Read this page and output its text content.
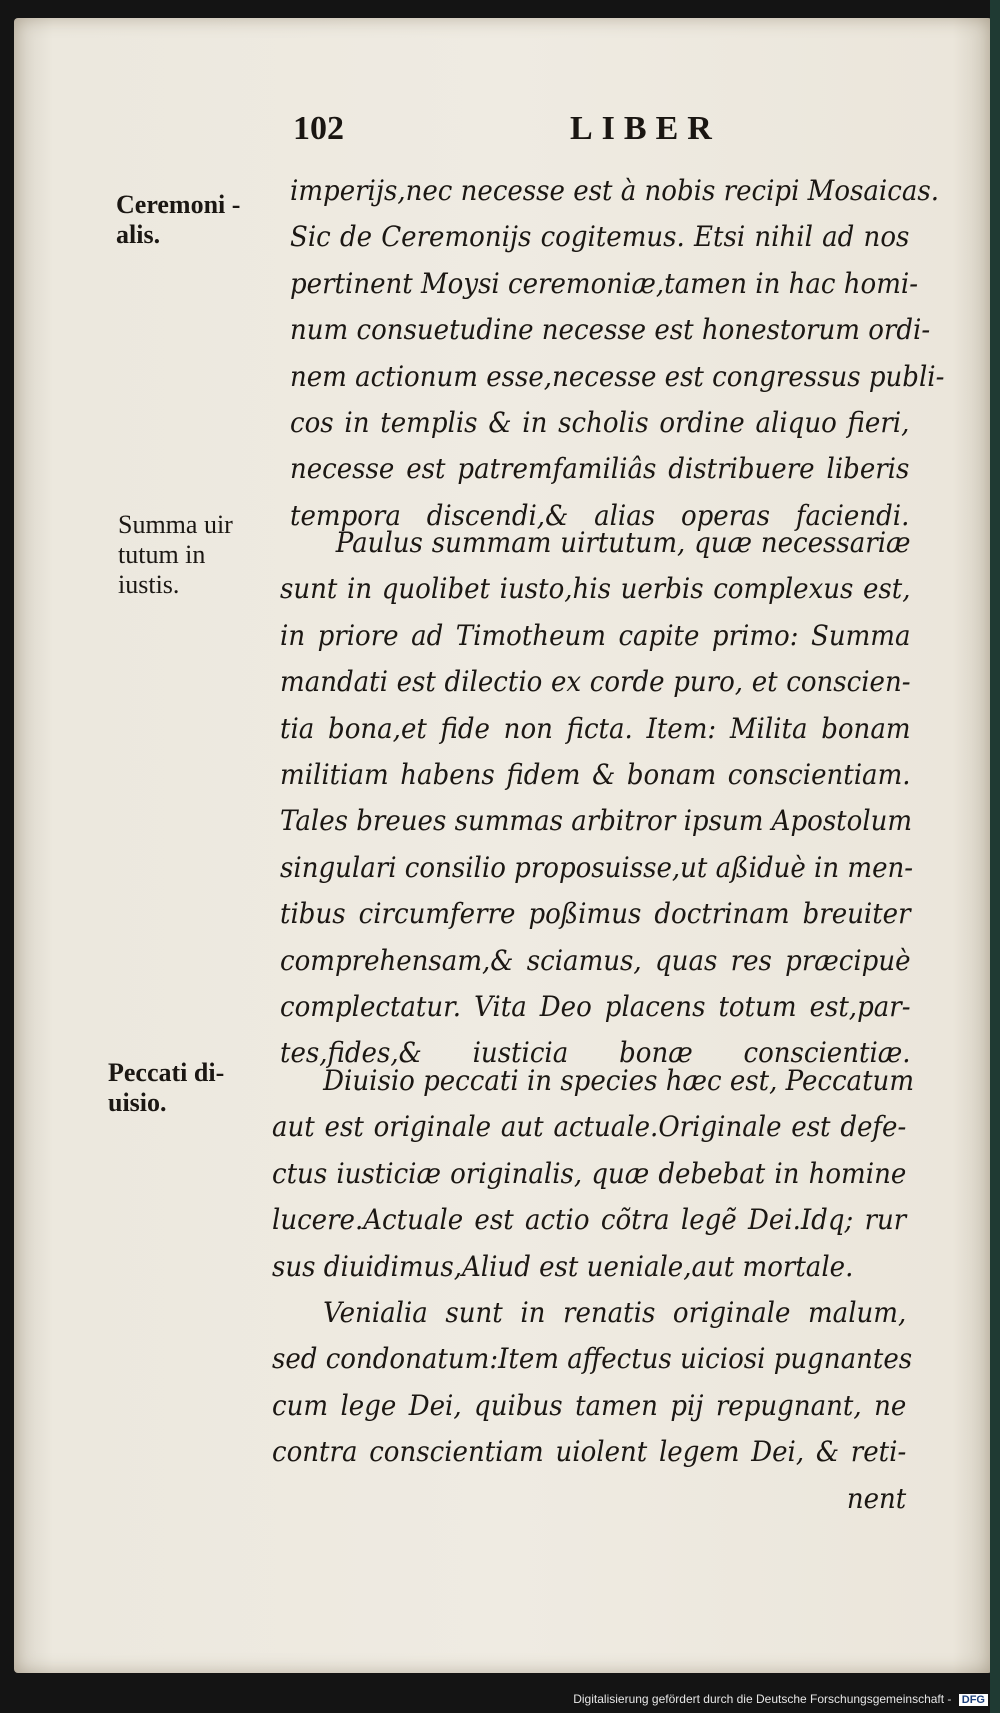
102	LIBER
Ceremoni -
alis.
Summa uir
tutum in
iustis.
Peccati di-
uisio.
imperijs,nec necesse est à nobis recipi Mosaicas.
Sic de Ceremonijs cogitemus. Etsi nihil ad nos
pertinent Moysi ceremoniæ,tamen in hac homi-
num consuetudine necesse est honestorum ordi-
nem actionum esse,necesse est congressus publi-
cos in templis & in scholis ordine aliquo fieri,
necesse est patremfamiliâs distribuere liberis
tempora discendi,& alias operas faciendi.
Paulus summam uirtutum, quæ necessariæ
sunt in quolibet iusto,his uerbis complexus est,
in priore ad Timotheum capite primo: Summa
mandati est dilectio ex corde puro, et conscien-
tia bona,et fide non ficta. Item: Milita bonam
militiam habens fidem & bonam conscientiam.
Tales breues summas arbitror ipsum Apostolum
singulari consilio proposuisse,ut aßiduè in men-
tibus circumferre poßimus doctrinam breuiter
comprehensam,& sciamus, quas res præcipuè
complectatur. Vita Deo placens totum est,par-
tes,fides,& iusticia bonæ conscientiæ.
Diuisio peccati in species hæc est, Peccatum
aut est originale aut actuale.Originale est defe-
ctus iusticiæ originalis, quæ debebat in homine
lucere.Actuale est actio cõtra legẽ Dei.Idq; rur
sus diuidimus,Aliud est ueniale,aut mortale.
Venialia sunt in renatis originale malum,
sed condonatum:Item affectus uiciosi pugnantes
cum lege Dei, quibus tamen pij repugnant, ne
contra conscientiam uiolent legem Dei, & reti-
nent
Digitalisierung gefördert durch die Deutsche Forschungsgemeinschaft - DFG
